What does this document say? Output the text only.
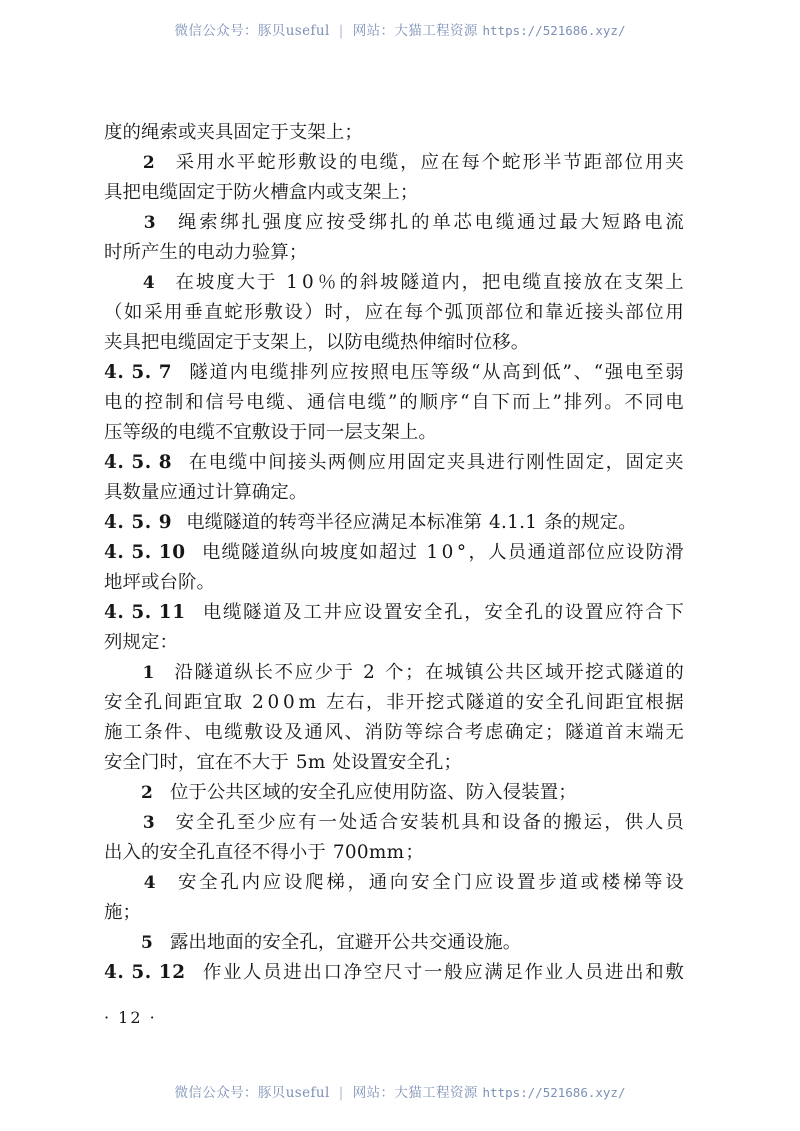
微信公众号：豚贝useful | 网站：大猫工程资源 https://521686.xyz/
度的绳索或夹具固定于支架上；
2 采 用 水 平 蛇 形 敷 设 的 电 缆 ， 应 在 每 个 蛇 形 半 节 距 部 位 用 夹
具把电缆固定于防火槽盒内或支架上；
3 绳 索 绑 扎 强 度 应 按 受 绑 扎 的 单 芯 电 缆 通 过 最 大 短 路 电 流
时所产生的电动力验算；
4 在 坡 度 大 于
1 0 ％ 的 斜 坡 隧 道 内 ， 把 电 缆 直 接 放 在 支 架 上
（ 如 采 用 垂 直 蛇 形 敷 设 ） 时 ， 应 在 每 个 弧 顶 部 位 和 靠 近 接 头 部 位 用
夹具把电缆固定于支架上，以防电缆热伸缩时位移。
4. 5. 7 隧 道 内 电 缆 排 列 应 按 照 电 压 等 级 “ 从 高 到 低 ” 、 “ 强 电 至 弱
电 的 控 制 和 信 号 电 缆 、 通 信 电 缆 ” 的 顺 序 “ 自 下 而 上 ” 排 列 。 不 同 电
压等级的电缆不宜敷设于同一层支架上。
4. 5. 8 在 电 缆 中 间 接 头 两 侧 应 用 固 定 夹 具 进 行 刚 性 固 定 ， 固 定 夹
具数量应通过计算确定。
4. 5. 9 电缆隧道的转弯半径应满足本标准第 4.1.1 条的规定。
4. 5. 10 电 缆 隧 道 纵 向 坡 度 如 超 过
1 0 ° ， 人 员 通 道 部 位 应 设 防 滑
地坪或台阶。
4. 5. 11 电 缆 隧 道 及 工 井 应 设 置 安 全 孔 ， 安 全 孔 的 设 置 应 符 合 下
列规定：
1 沿 隧 道 纵 长 不 应 少 于
2
个 ； 在 城 镇 公 共 区 域 开 挖 式 隧 道 的
安 全 孔 间 距 宜 取
2 0 0 m
左 右 ， 非 开 挖 式 隧 道 的 安 全 孔 间 距 宜 根 据
施 工 条 件 、 电 缆 敷 设 及 通 风 、 消 防 等 综 合 考 虑 确 定 ； 隧 道 首 末 端 无
安全门时，宜在不大于 5m 处设置安全孔；
2 位于公共区域的安全孔应使用防盗、防入侵装置；
3 安 全 孔 至 少 应 有 一 处 适 合 安 装 机 具 和 设 备 的 搬 运 ， 供 人 员
出入的安全孔直径不得小于 700mm；
4 安 全 孔 内 应 设 爬 梯 ， 通 向 安 全 门 应 设 置 步 道 或 楼 梯 等 设
施；
5 露出地面的安全孔，宜避开公共交通设施。
4. 5. 12 作 业 人 员 进 出 口 净 空 尺 寸 一 般 应 满 足 作 业 人 员 进 出 和 敷
· 12 ·
微信公众号：豚贝useful | 网站：大猫工程资源 https://521686.xyz/
